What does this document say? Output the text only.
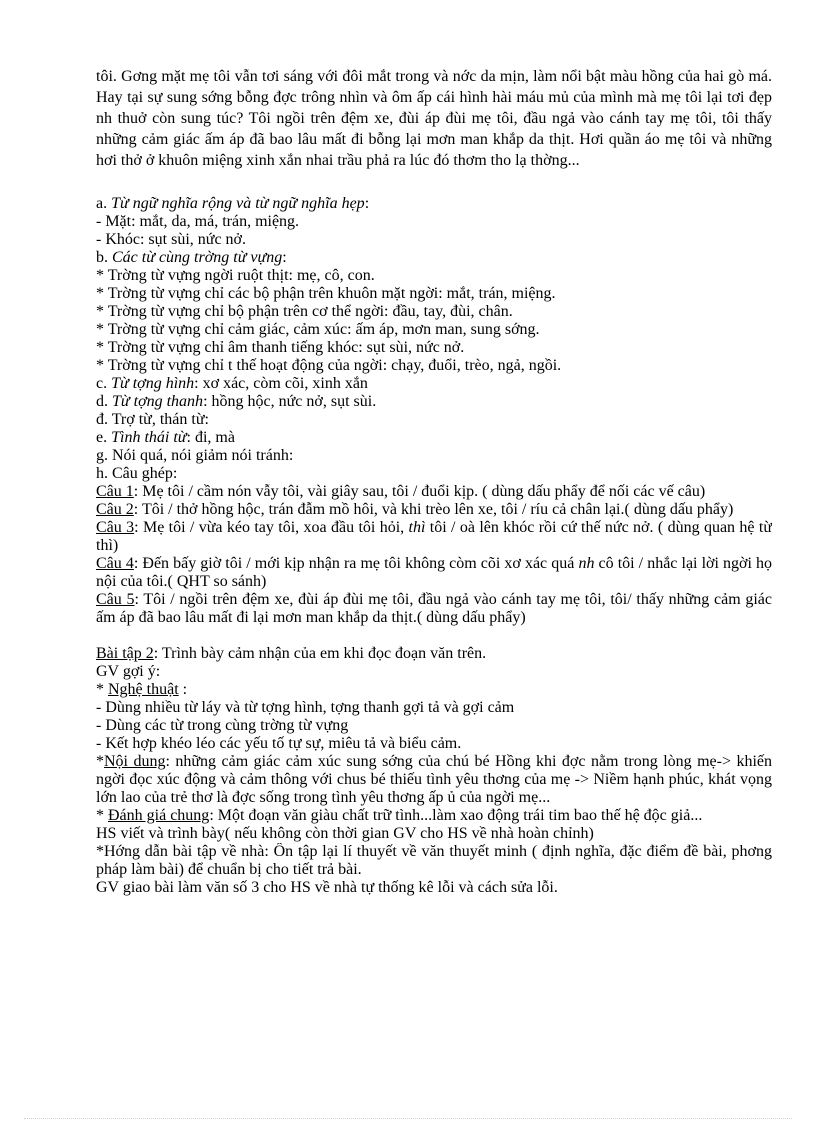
tôi. Gơng mặt mẹ tôi vẫn tơi sáng với đôi mắt trong và nớc da mịn, làm nổi bật màu hồng của hai gò má. Hay tại sự sung sớng bỗng đợc trông nhìn và ôm ấp cái hình hài máu mủ của mình mà mẹ tôi lại tơi đẹp nh thuở còn sung túc? Tôi ngồi trên đệm xe, đùi áp đùi mẹ tôi, đầu ngả vào cánh tay mẹ tôi, tôi thấy những cảm giác ấm áp đã bao lâu mất đi bỗng lại mơn man khắp da thịt. Hơi quần áo mẹ tôi và những hơi thở ở khuôn miệng xinh xắn nhai trầu phả ra lúc đó thơm tho lạ thờng...

a. Từ ngữ nghĩa rộng và từ ngữ nghĩa hẹp:

- Mặt: mắt, da, má, trán, miệng.

- Khóc: sụt sùi, nức nở.

b. Các từ cùng trờng từ vựng:

* Trờng từ vựng ngời ruột thịt: mẹ, cô, con.

* Trờng từ vựng chỉ các bộ phận trên khuôn mặt ngời: mắt, trán, miệng.

* Trờng từ vựng chỉ bộ phận trên cơ thể ngời: đầu, tay, đùi, chân.

* Trờng từ vựng chỉ cảm giác, cảm xúc: ấm áp, mơn man, sung sớng.

* Trờng từ vựng chỉ âm thanh tiếng khóc: sụt sùi, nức nở.

* Trờng từ vựng chỉ t thế hoạt động của ngời: chạy, đuổi, trèo, ngả, ngồi.

c. Từ tợng hình: xơ xác, còm cõi, xinh xắn

d. Từ tợng thanh: hồng hộc, nức nở, sụt sùi.

đ. Trợ từ, thán từ:

e. Tình thái từ: đi, mà

g. Nói quá, nói giảm nói tránh:

h. Câu ghép:

Câu 1: Mẹ tôi / cầm nón vẫy tôi, vài giây sau, tôi / đuổi kịp. ( dùng dấu phẩy để nối các vế câu)

Câu 2: Tôi / thở hồng hộc, trán đẫm mồ hôi, và khi trèo lên xe, tôi / ríu cả chân lại.( dùng dấu phẩy)

Câu 3: Mẹ tôi / vừa kéo tay tôi, xoa đầu tôi hỏi, thì tôi / oà lên khóc rồi cứ thế nức nở. ( dùng quan hệ từ thì)

Câu 4: Đến bấy giờ tôi / mới kịp nhận ra mẹ tôi không còm cõi xơ xác quá nh cô tôi / nhắc lại lời ngời họ nội của tôi.( QHT so sánh)

Câu 5: Tôi / ngồi trên đệm xe, đùi áp đùi mẹ tôi, đầu ngả vào cánh tay mẹ tôi, tôi/ thấy những cảm giác ấm áp đã bao lâu mất đi lại mơn man khắp da thịt.( dùng dấu phẩy)

Bài tập 2: Trình bày cảm nhận của em khi đọc đoạn văn trên.

GV gợi ý:

* Nghệ thuật :

- Dùng nhiều từ láy và từ tợng hình, tợng thanh gợi tả và gợi cảm

- Dùng các từ trong cùng trờng từ vựng

- Kết hợp khéo léo các yếu tố tự sự, miêu tả và biểu cảm.

*Nội dung: những cảm giác cảm xúc sung sớng của chú bé Hồng khi đợc nằm trong lòng mẹ-> khiến ngời đọc xúc động và cảm thông với chus bé thiếu tình yêu thơng của mẹ -> Niềm hạnh phúc, khát vọng lớn lao của trẻ thơ là đợc sống trong tình yêu thơng ấp ủ của ngời mẹ...

* Đánh giá chung: Một đoạn văn giàu chất trữ tình...làm xao động trái tim bao thế hệ độc giả...

HS viết và trình bày( nếu không còn thời gian GV cho HS về nhà hoàn chỉnh)

*Hớng dẫn bài tập về nhà: Ôn tập lại lí thuyết về văn thuyết minh ( định nghĩa, đặc điểm đề bài, phơng pháp làm bài) để chuẩn bị cho tiết trả bài.

GV giao bài làm văn số 3 cho HS về nhà tự thống kê lỗi và cách sửa lỗi.
